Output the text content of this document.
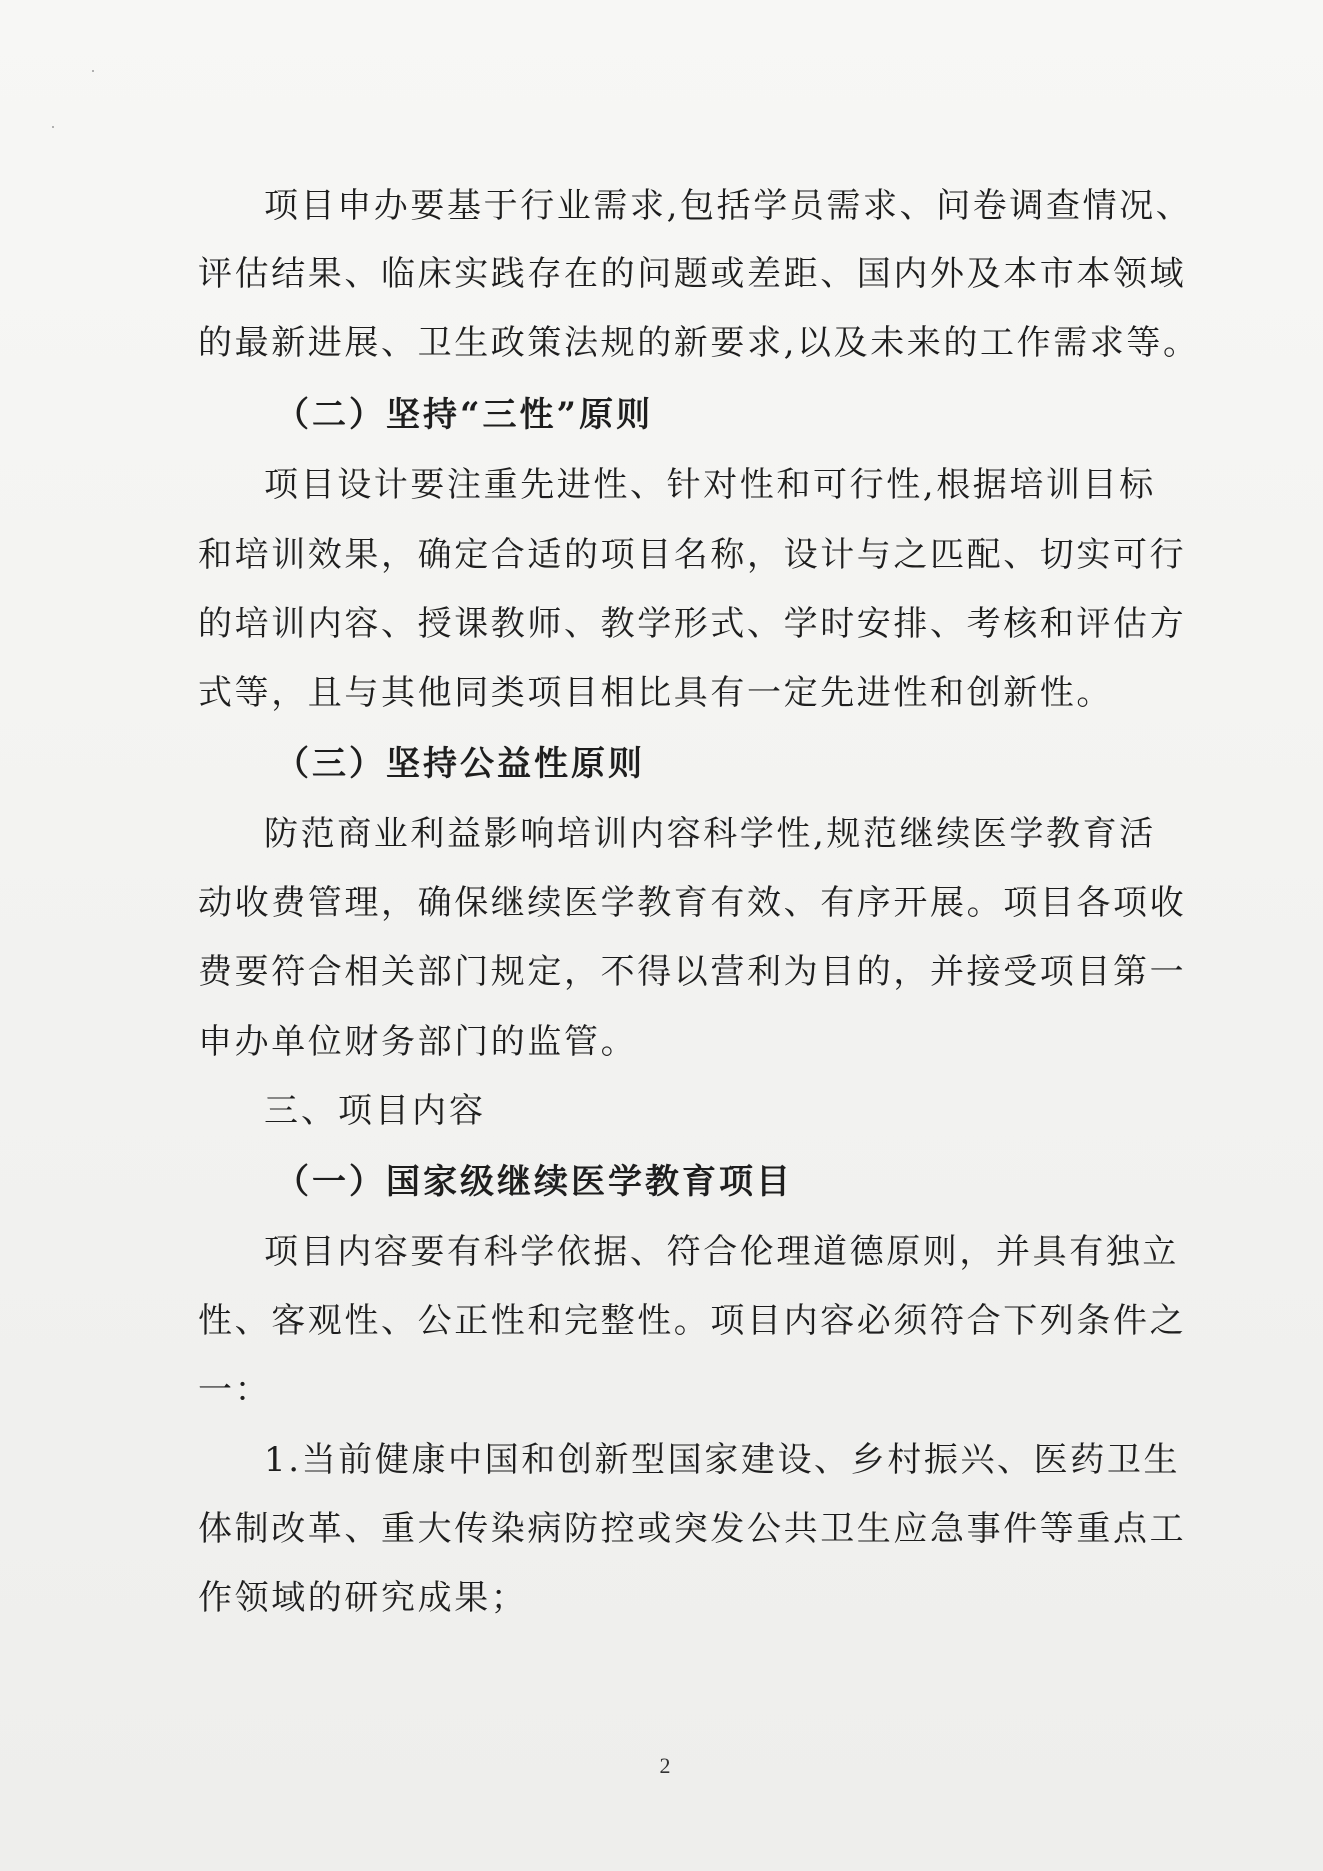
项目申办要基于行业需求,包括学员需求、问卷调查情况、
评估结果、临床实践存在的问题或差距、国内外及本市本领域
的最新进展、卫生政策法规的新要求,以及未来的工作需求等。
（二）坚持“三性”原则
项目设计要注重先进性、针对性和可行性,根据培训目标
和培训效果，确定合适的项目名称，设计与之匹配、切实可行
的培训内容、授课教师、教学形式、学时安排、考核和评估方
式等，且与其他同类项目相比具有一定先进性和创新性。
（三）坚持公益性原则
防范商业利益影响培训内容科学性,规范继续医学教育活
动收费管理，确保继续医学教育有效、有序开展。项目各项收
费要符合相关部门规定，不得以营利为目的，并接受项目第一
申办单位财务部门的监管。
三、项目内容
（一）国家级继续医学教育项目
项目内容要有科学依据、符合伦理道德原则，并具有独立
性、客观性、公正性和完整性。项目内容必须符合下列条件之
一：
1.当前健康中国和创新型国家建设、乡村振兴、医药卫生
体制改革、重大传染病防控或突发公共卫生应急事件等重点工
作领域的研究成果；
2
